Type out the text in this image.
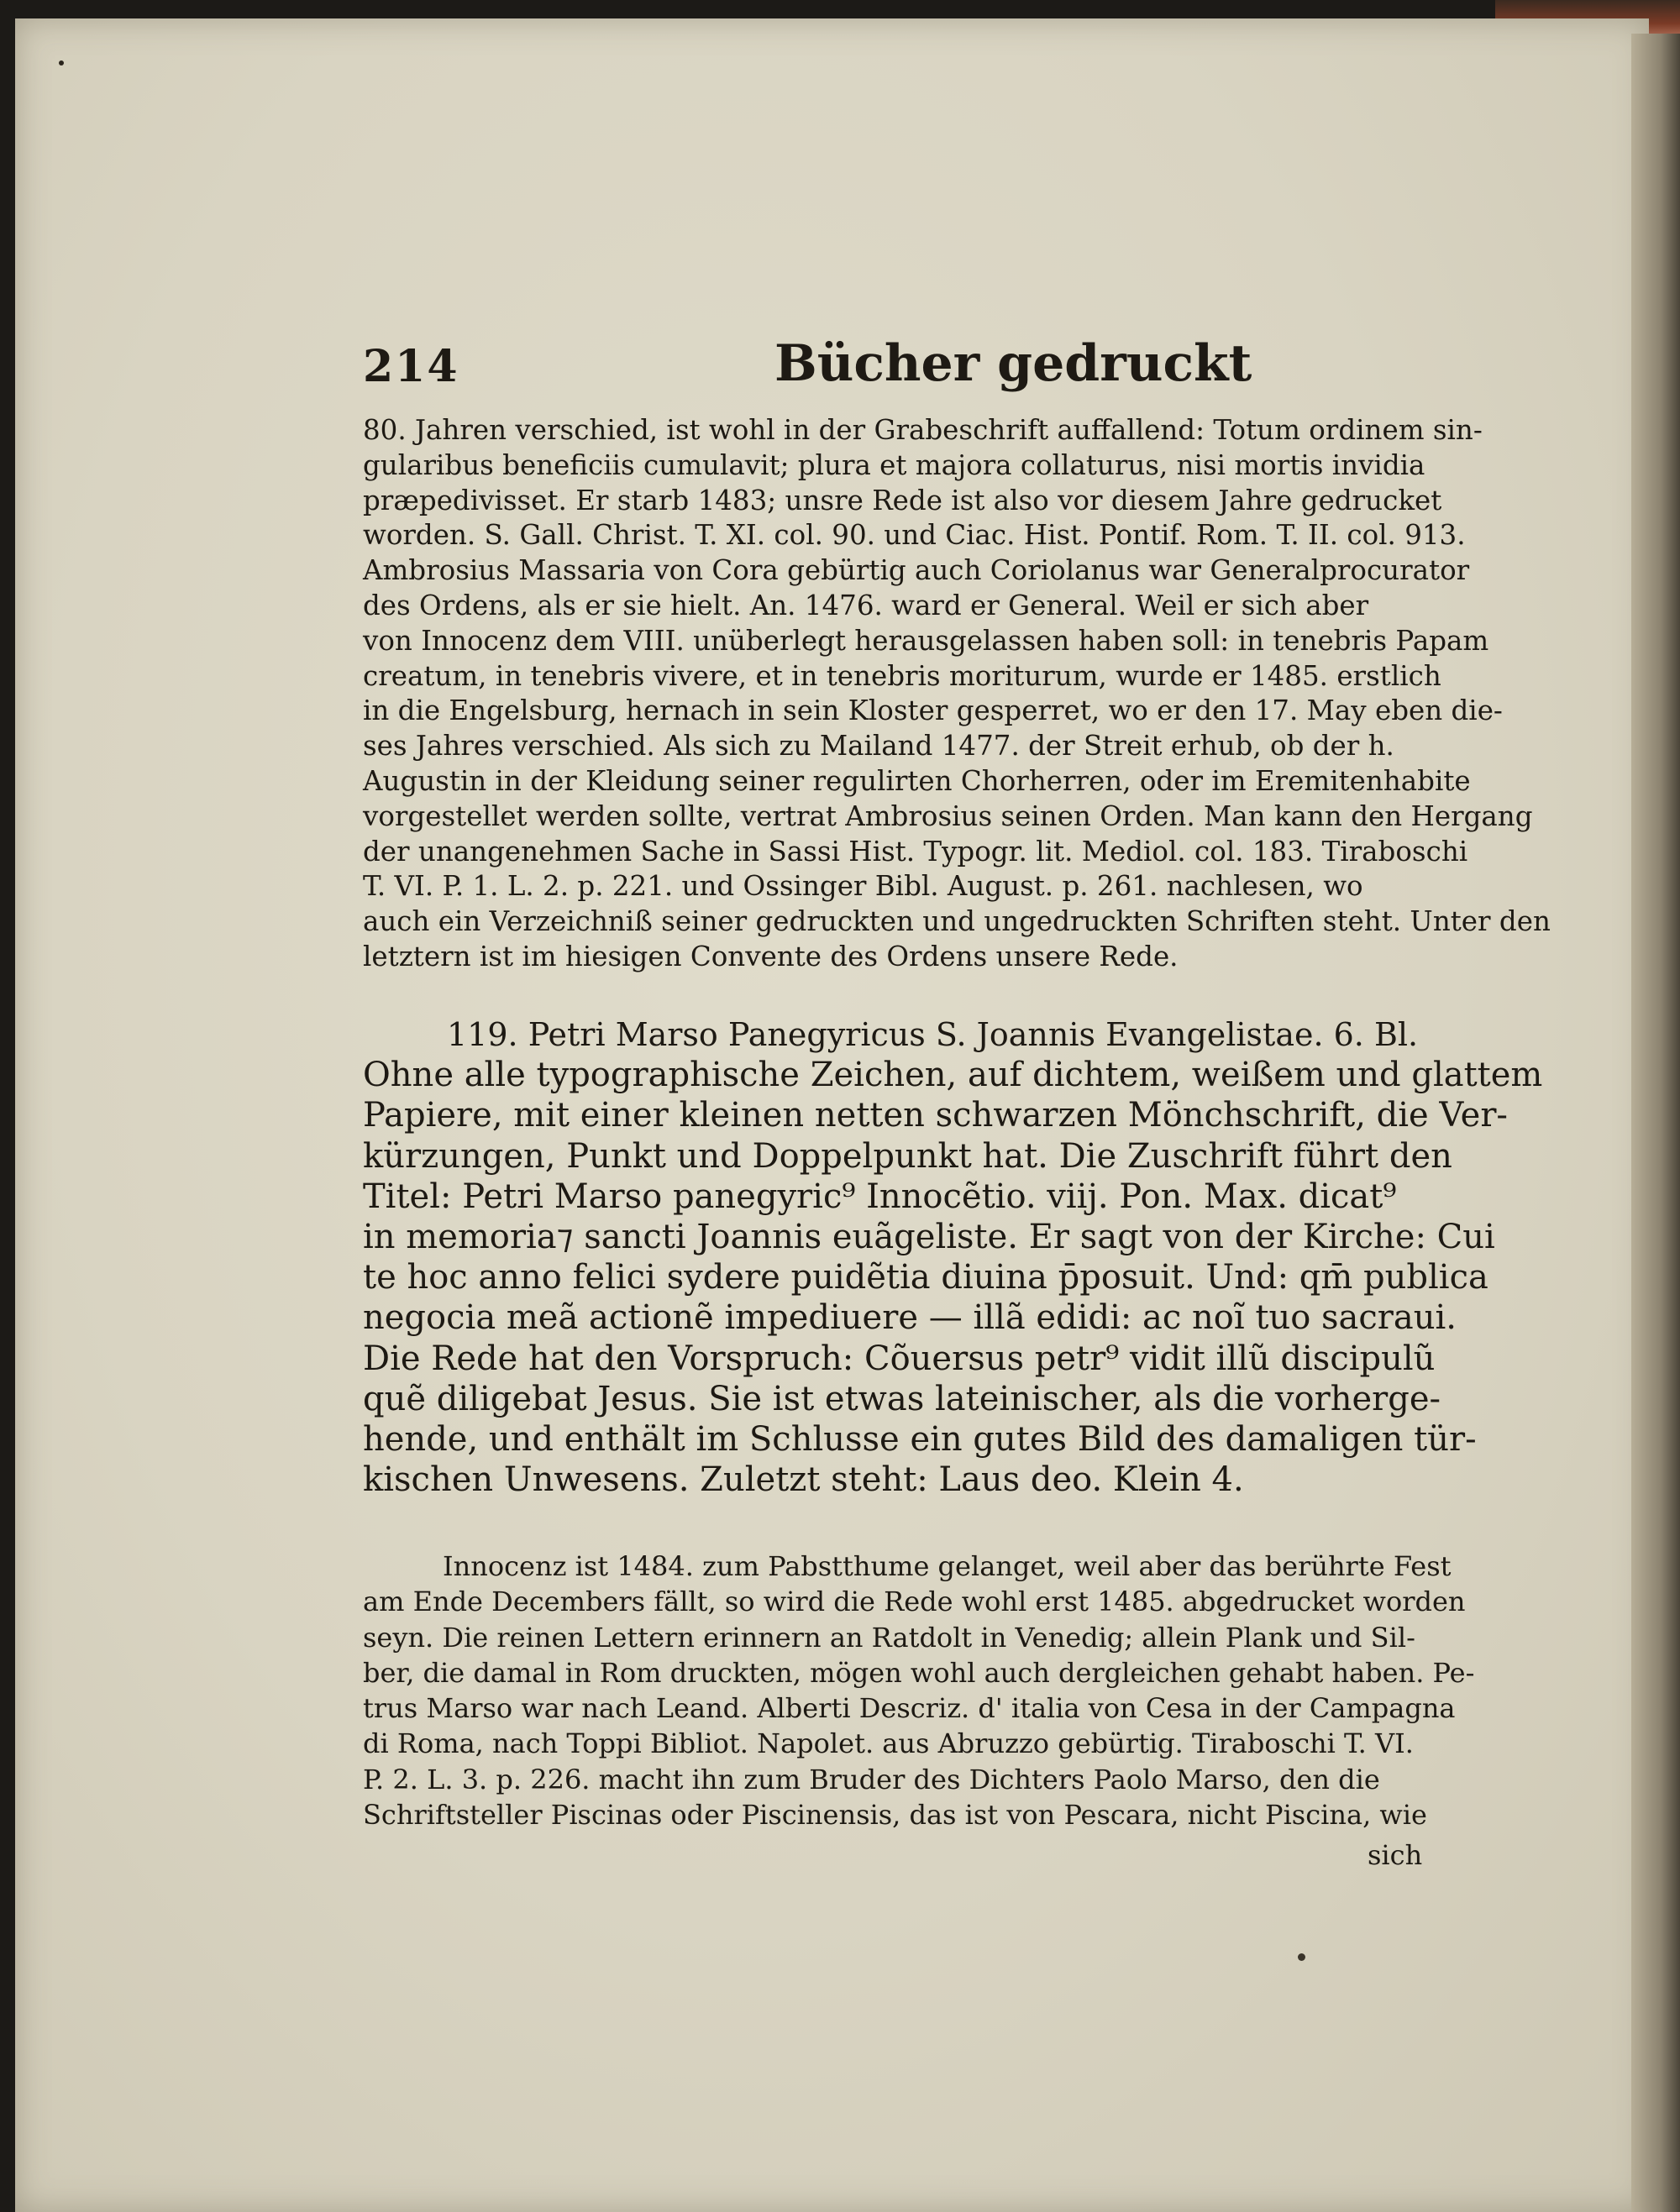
214	Bücher gedruckt
80. Jahren verschied, ist wohl in der Grabeschrift auffallend: Totum ordinem sin-
gularibus beneficiis cumulavit; plura et majora collaturus, nisi mortis invidia
præpedivisset. Er starb 1483; unsre Rede ist also vor diesem Jahre gedrucket
worden. S. Gall. Christ. T. XI. col. 90. und Ciac. Hist. Pontif. Rom. T. II. col. 913.
Ambrosius Massaria von Cora gebürtig auch Coriolanus war Generalprocurator
des Ordens, als er sie hielt. An. 1476. ward er General. Weil er sich aber
von Innocenz dem VIII. unüberlegt herausgelassen haben soll: in tenebris Papam
creatum, in tenebris vivere, et in tenebris moriturum, wurde er 1485. erstlich
in die Engelsburg, hernach in sein Kloster gesperret, wo er den 17. May eben die-
ses Jahres verschied. Als sich zu Mailand 1477. der Streit erhub, ob der h.
Augustin in der Kleidung seiner regulirten Chorherren, oder im Eremitenhabite
vorgestellet werden sollte, vertrat Ambrosius seinen Orden. Man kann den Hergang
der unangenehmen Sache in Sassi Hist. Typogr. lit. Mediol. col. 183. Tiraboschi
T. VI. P. 1. L. 2. p. 221. und Ossinger Bibl. August. p. 261. nachlesen, wo
auch ein Verzeichniß seiner gedruckten und ungedruckten Schriften steht. Unter den
letztern ist im hiesigen Convente des Ordens unsere Rede.
119. Petri Marso Panegyricus S. Joannis Evangelistae. 6. Bl.
Ohne alle typographische Zeichen, auf dichtem, weißem und glattem
Papiere, mit einer kleinen netten schwarzen Mönchschrift, die Ver-
kürzungen, Punkt und Doppelpunkt hat. Die Zuschrift führt den
Titel: Petri Marso panegyric⁹ Innocẽtio. viij. Pon. Max. dicat⁹
in memoria⁊ sancti Joannis euãgeliste. Er sagt von der Kirche: Cui
te hoc anno felici sydere puidẽtia diuina p̄posuit. Und: qm̄ publica
negocia meã actionẽ impediuere — illã edidi: ac noĩ tuo sacraui.
Die Rede hat den Vorspruch: Cõuersus petr⁹ vidit illũ discipulũ
quẽ diligebat Jesus. Sie ist etwas lateinischer, als die vorherge-
hende, und enthält im Schlusse ein gutes Bild des damaligen tür-
kischen Unwesens. Zuletzt steht: Laus deo. Klein 4.
Innocenz ist 1484. zum Pabstthume gelanget, weil aber das berührte Fest
am Ende Decembers fällt, so wird die Rede wohl erst 1485. abgedrucket worden
seyn. Die reinen Lettern erinnern an Ratdolt in Venedig; allein Plank und Sil-
ber, die damal in Rom druckten, mögen wohl auch dergleichen gehabt haben. Pe-
trus Marso war nach Leand. Alberti Descriz. d' italia von Cesa in der Campagna
di Roma, nach Toppi Bibliot. Napolet. aus Abruzzo gebürtig. Tiraboschi T. VI.
P. 2. L. 3. p. 226. macht ihn zum Bruder des Dichters Paolo Marso, den die
Schriftsteller Piscinas oder Piscinensis, das ist von Pescara, nicht Piscina, wie
sich
